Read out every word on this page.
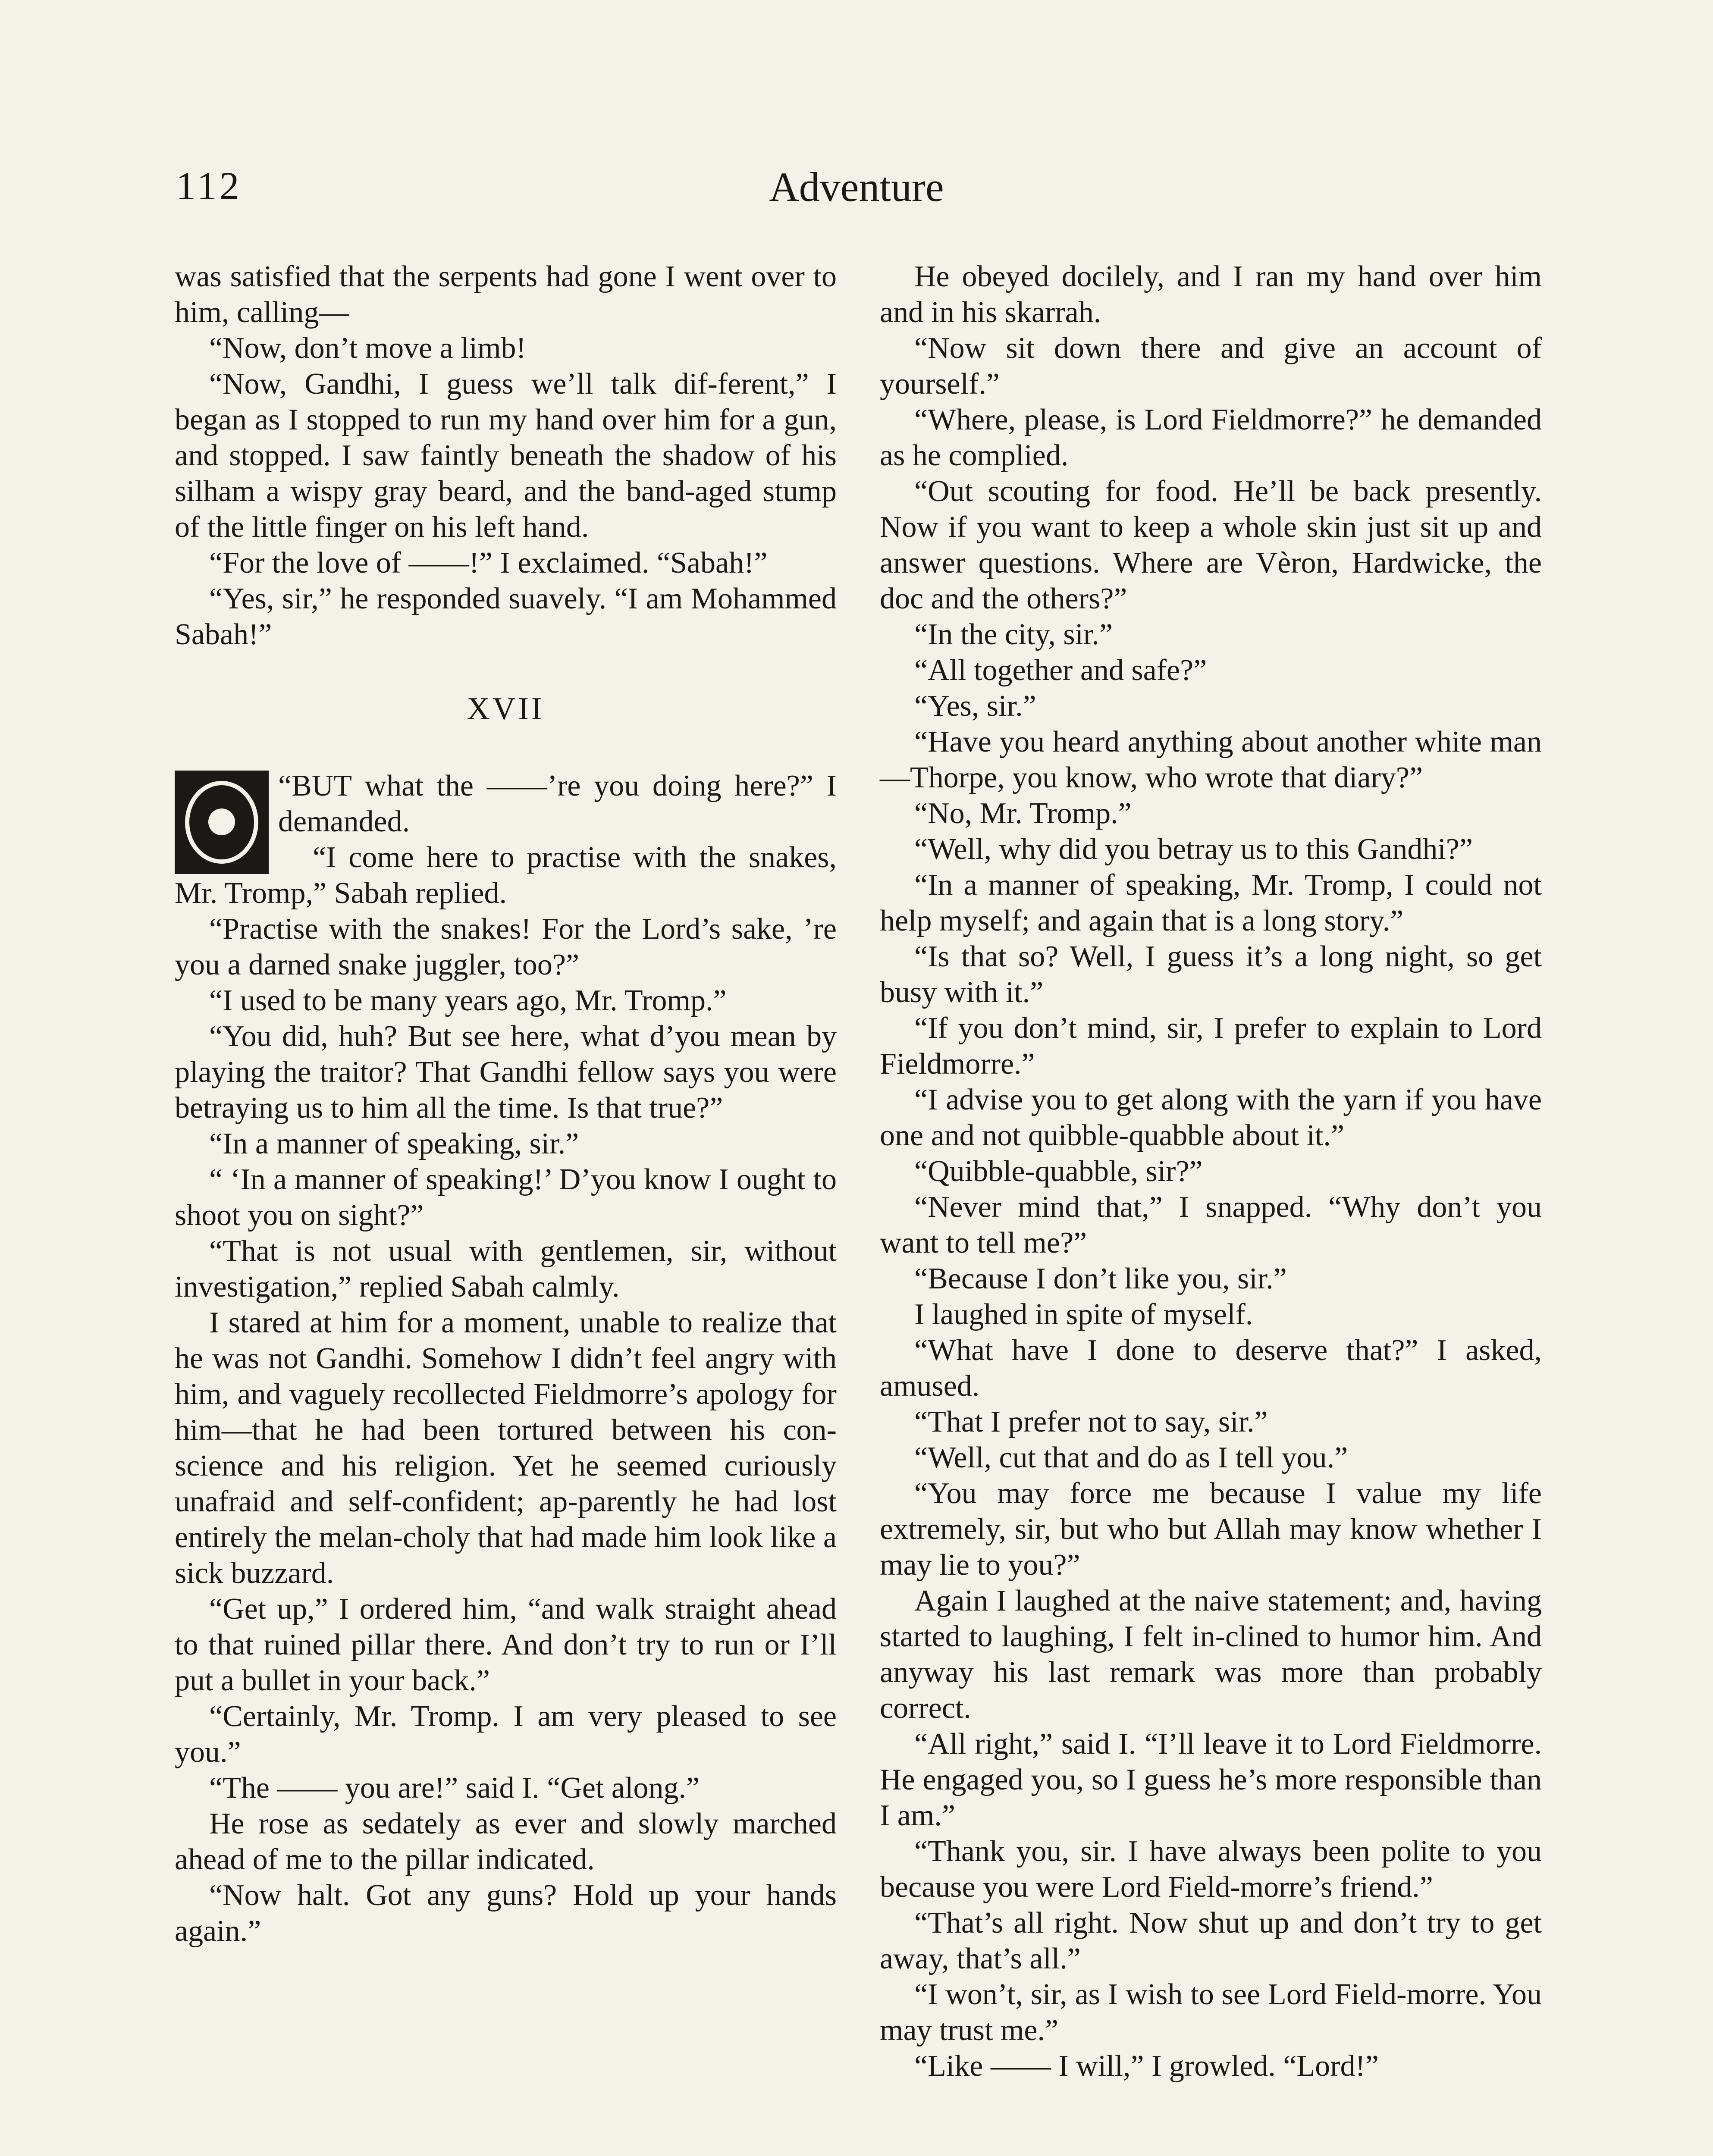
112	Adventure

was satisfied that the serpents had gone I went over to him, calling—

“Now, don’t move a limb!

“Now, Gandhi, I guess we’ll talk dif-ferent,” I began as I stopped to run my hand over him for a gun, and stopped. I saw faintly beneath the shadow of his silham a wispy gray beard, and the band-aged stump of the little finger on his left hand.

“For the love of ——!” I exclaimed. “Sabah!”

“Yes, sir,” he responded suavely. “I am Mohammed Sabah!”

XVII

“BUT what the ——’re you doing here?” I demanded.

“I come here to practise with the snakes, Mr. Tromp,” Sabah replied.

“Practise with the snakes! For the Lord’s sake, ’re you a darned snake juggler, too?”

“I used to be many years ago, Mr. Tromp.”

“You did, huh? But see here, what d’you mean by playing the traitor? That Gandhi fellow says you were betraying us to him all the time. Is that true?”

“In a manner of speaking, sir.”

“ ‘In a manner of speaking!’ D’you know I ought to shoot you on sight?”

“That is not usual with gentlemen, sir, without investigation,” replied Sabah calmly.

I stared at him for a moment, unable to realize that he was not Gandhi. Somehow I didn’t feel angry with him, and vaguely recollected Fieldmorre’s apology for him—that he had been tortured between his con-science and his religion. Yet he seemed curiously unafraid and self-confident; ap-parently he had lost entirely the melan-choly that had made him look like a sick buzzard.

“Get up,” I ordered him, “and walk straight ahead to that ruined pillar there. And don’t try to run or I’ll put a bullet in your back.”

“Certainly, Mr. Tromp. I am very pleased to see you.”

“The —— you are!” said I. “Get along.”

He rose as sedately as ever and slowly marched ahead of me to the pillar indicated.

“Now halt. Got any guns? Hold up your hands again.”

He obeyed docilely, and I ran my hand over him and in his skarrah.

“Now sit down there and give an account of yourself.”

“Where, please, is Lord Fieldmorre?” he demanded as he complied.

“Out scouting for food. He’ll be back presently. Now if you want to keep a whole skin just sit up and answer questions. Where are Vèron, Hardwicke, the doc and the others?”

“In the city, sir.”

“All together and safe?”

“Yes, sir.”

“Have you heard anything about another white man—Thorpe, you know, who wrote that diary?”

“No, Mr. Tromp.”

“Well, why did you betray us to this Gandhi?”

“In a manner of speaking, Mr. Tromp, I could not help myself; and again that is a long story.”

“Is that so? Well, I guess it’s a long night, so get busy with it.”

“If you don’t mind, sir, I prefer to explain to Lord Fieldmorre.”

“I advise you to get along with the yarn if you have one and not quibble-quabble about it.”

“Quibble-quabble, sir?”

“Never mind that,” I snapped. “Why don’t you want to tell me?”

“Because I don’t like you, sir.”

I laughed in spite of myself.

“What have I done to deserve that?” I asked, amused.

“That I prefer not to say, sir.”

“Well, cut that and do as I tell you.”

“You may force me because I value my life extremely, sir, but who but Allah may know whether I may lie to you?”

Again I laughed at the naive statement; and, having started to laughing, I felt in-clined to humor him. And anyway his last remark was more than probably correct.

“All right,” said I. “I’ll leave it to Lord Fieldmorre. He engaged you, so I guess he’s more responsible than I am.”

“Thank you, sir. I have always been polite to you because you were Lord Field-morre’s friend.”

“That’s all right. Now shut up and don’t try to get away, that’s all.”

“I won’t, sir, as I wish to see Lord Field-morre. You may trust me.”

“Like —— I will,” I growled. “Lord!”
